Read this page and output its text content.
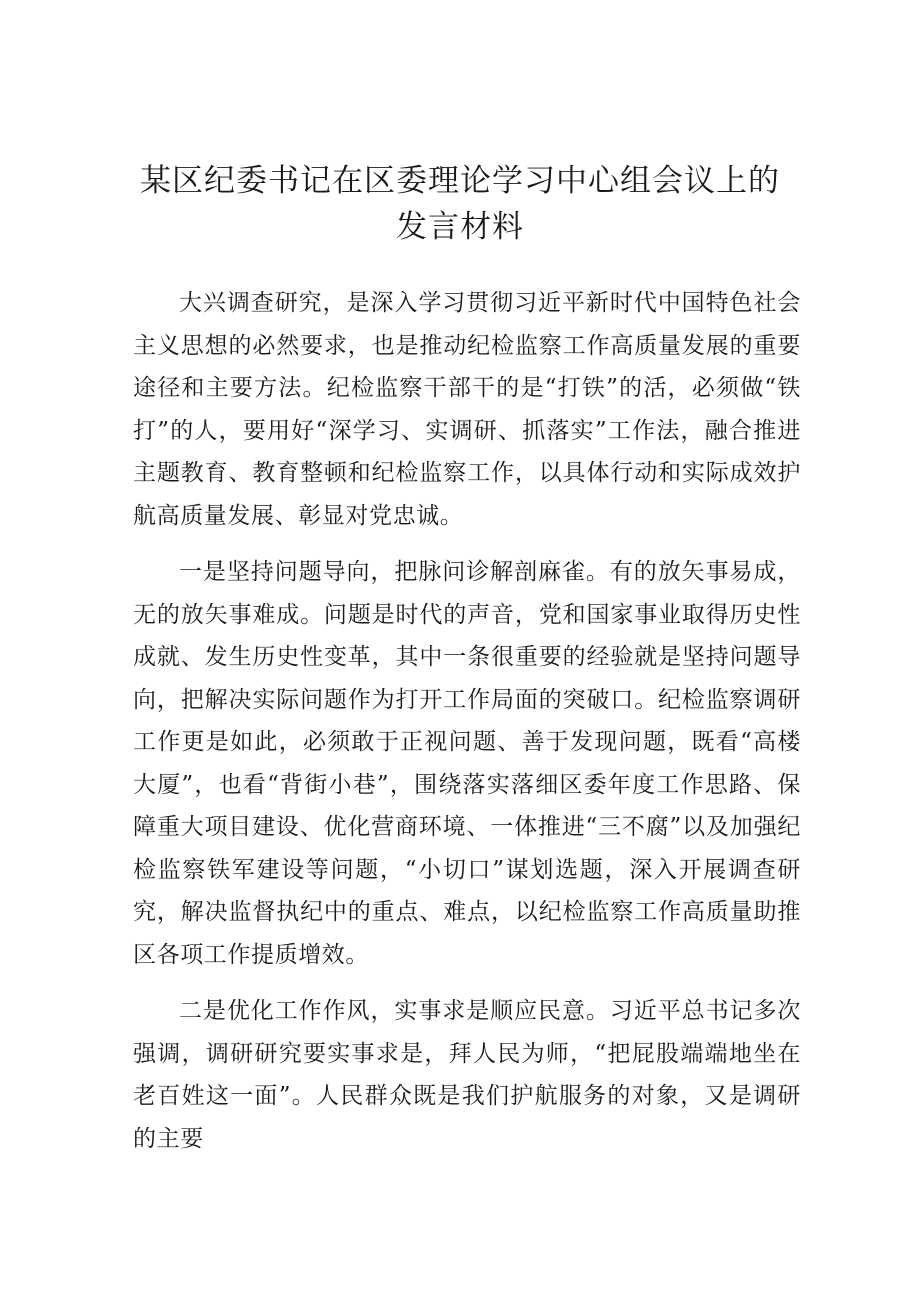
某区纪委书记在区委理论学习中心组会议上的
发言材料

大兴调查研究，是深入学习贯彻习近平新时代中国特色社会主义思想的必然要求，也是推动纪检监察工作高质量发展的重要途径和主要方法。纪检监察干部干的是“打铁”的活，必须做“铁打”的人，要用好“深学习、实调研、抓落实”工作法，融合推进主题教育、教育整顿和纪检监察工作，以具体行动和实际成效护航高质量发展、彰显对党忠诚。

一是坚持问题导向，把脉问诊解剖麻雀。有的放矢事易成，无的放矢事难成。问题是时代的声音，党和国家事业取得历史性成就、发生历史性变革，其中一条很重要的经验就是坚持问题导向，把解决实际问题作为打开工作局面的突破口。纪检监察调研工作更是如此，必须敢于正视问题、善于发现问题，既看“高楼大厦”，也看“背街小巷”，围绕落实落细区委年度工作思路、保障重大项目建设、优化营商环境、一体推进“三不腐”以及加强纪检监察铁军建设等问题，“小切口”谋划选题，深入开展调查研究，解决监督执纪中的重点、难点，以纪检监察工作高质量助推区各项工作提质增效。

二是优化工作作风，实事求是顺应民意。习近平总书记多次强调，调研研究要实事求是，拜人民为师，“把屁股端端地坐在老百姓这一面”。人民群众既是我们护航服务的对象，又是调研的主要
